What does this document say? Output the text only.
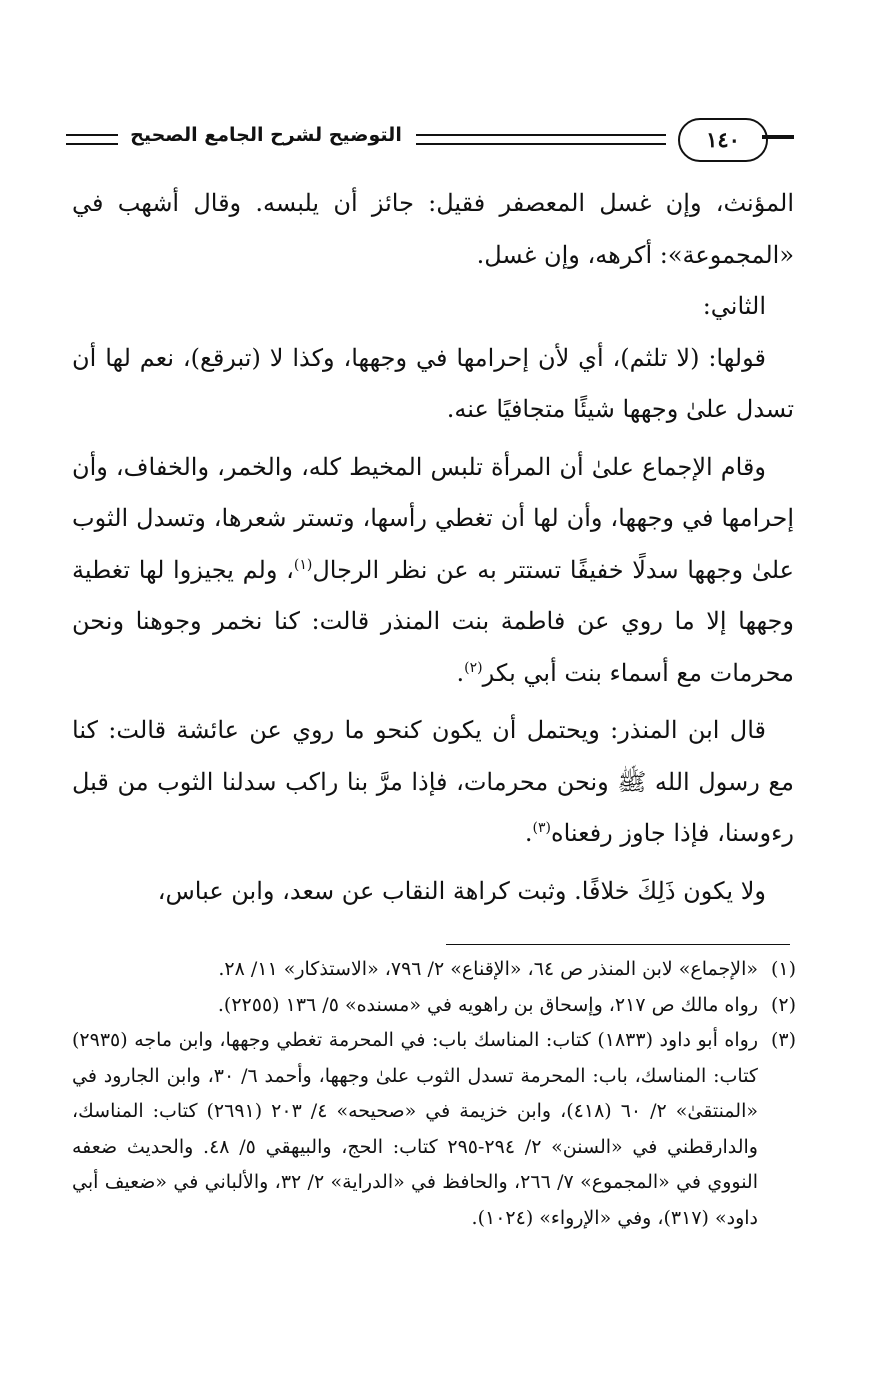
التوضيح لشرح الجامع الصحيح	١٤٠

المؤنث، وإن غسل المعصفر فقيل: جائز أن يلبسه. وقال أشهب في «المجموعة»: أكرهه، وإن غسل.

الثاني:

قولها: (لا تلثم)، أي لأن إحرامها في وجهها، وكذا لا (تبرقع)، نعم لها أن تسدل علىٰ وجهها شيئًا متجافيًا عنه.

وقام الإجماع علىٰ أن المرأة تلبس المخيط كله، والخمر، والخفاف، وأن إحرامها في وجهها، وأن لها أن تغطي رأسها، وتستر شعرها، وتسدل الثوب علىٰ وجهها سدلًا خفيفًا تستتر به عن نظر الرجال$^{(١)}$، ولم يجيزوا لها تغطية وجهها إلا ما روي عن فاطمة بنت المنذر قالت: كنا نخمر وجوهنا ونحن محرمات مع أسماء بنت أبي بكر$^{(٢)}$.

قال ابن المنذر: ويحتمل أن يكون كنحو ما روي عن عائشة قالت: كنا مع رسول الله ﷺ ونحن محرمات، فإذا مرَّ بنا راكب سدلنا الثوب من قبل رءوسنا، فإذا جاوز رفعناه$^{(٣)}$.

ولا يكون ذَلِكَ خلافًا. وثبت كراهة النقاب عن سعد، وابن عباس،

(١)
«الإجماع» لابن المنذر ص ٦٤، «الإقناع» ٢/ ٧٩٦، «الاستذكار» ١١/ ٢٨.
(٢)
رواه مالك ص ٢١٧، وإسحاق بن راهويه في «مسنده» ٥/ ١٣٦ (٢٢٥٥).
(٣)
رواه أبو داود (١٨٣٣) كتاب: المناسك باب: في المحرمة تغطي وجهها، وابن ماجه (٢٩٣٥) كتاب: المناسك، باب: المحرمة تسدل الثوب علىٰ وجهها، وأحمد ٦/ ٣٠، وابن الجارود في «المنتقىٰ» ٢/ ٦٠ (٤١٨)، وابن خزيمة في «صحيحه» ٤/ ٢٠٣ (٢٦٩١) كتاب: المناسك، والدارقطني في «السنن» ٢/ ٢٩٤-٢٩٥ كتاب: الحج، والبيهقي ٥/ ٤٨. والحديث ضعفه النووي في «المجموع» ٧/ ٢٦٦، والحافظ في «الدراية» ٢/ ٣٢، والألباني في «ضعيف أبي داود» (٣١٧)، وفي «الإرواء» (١٠٢٤).
